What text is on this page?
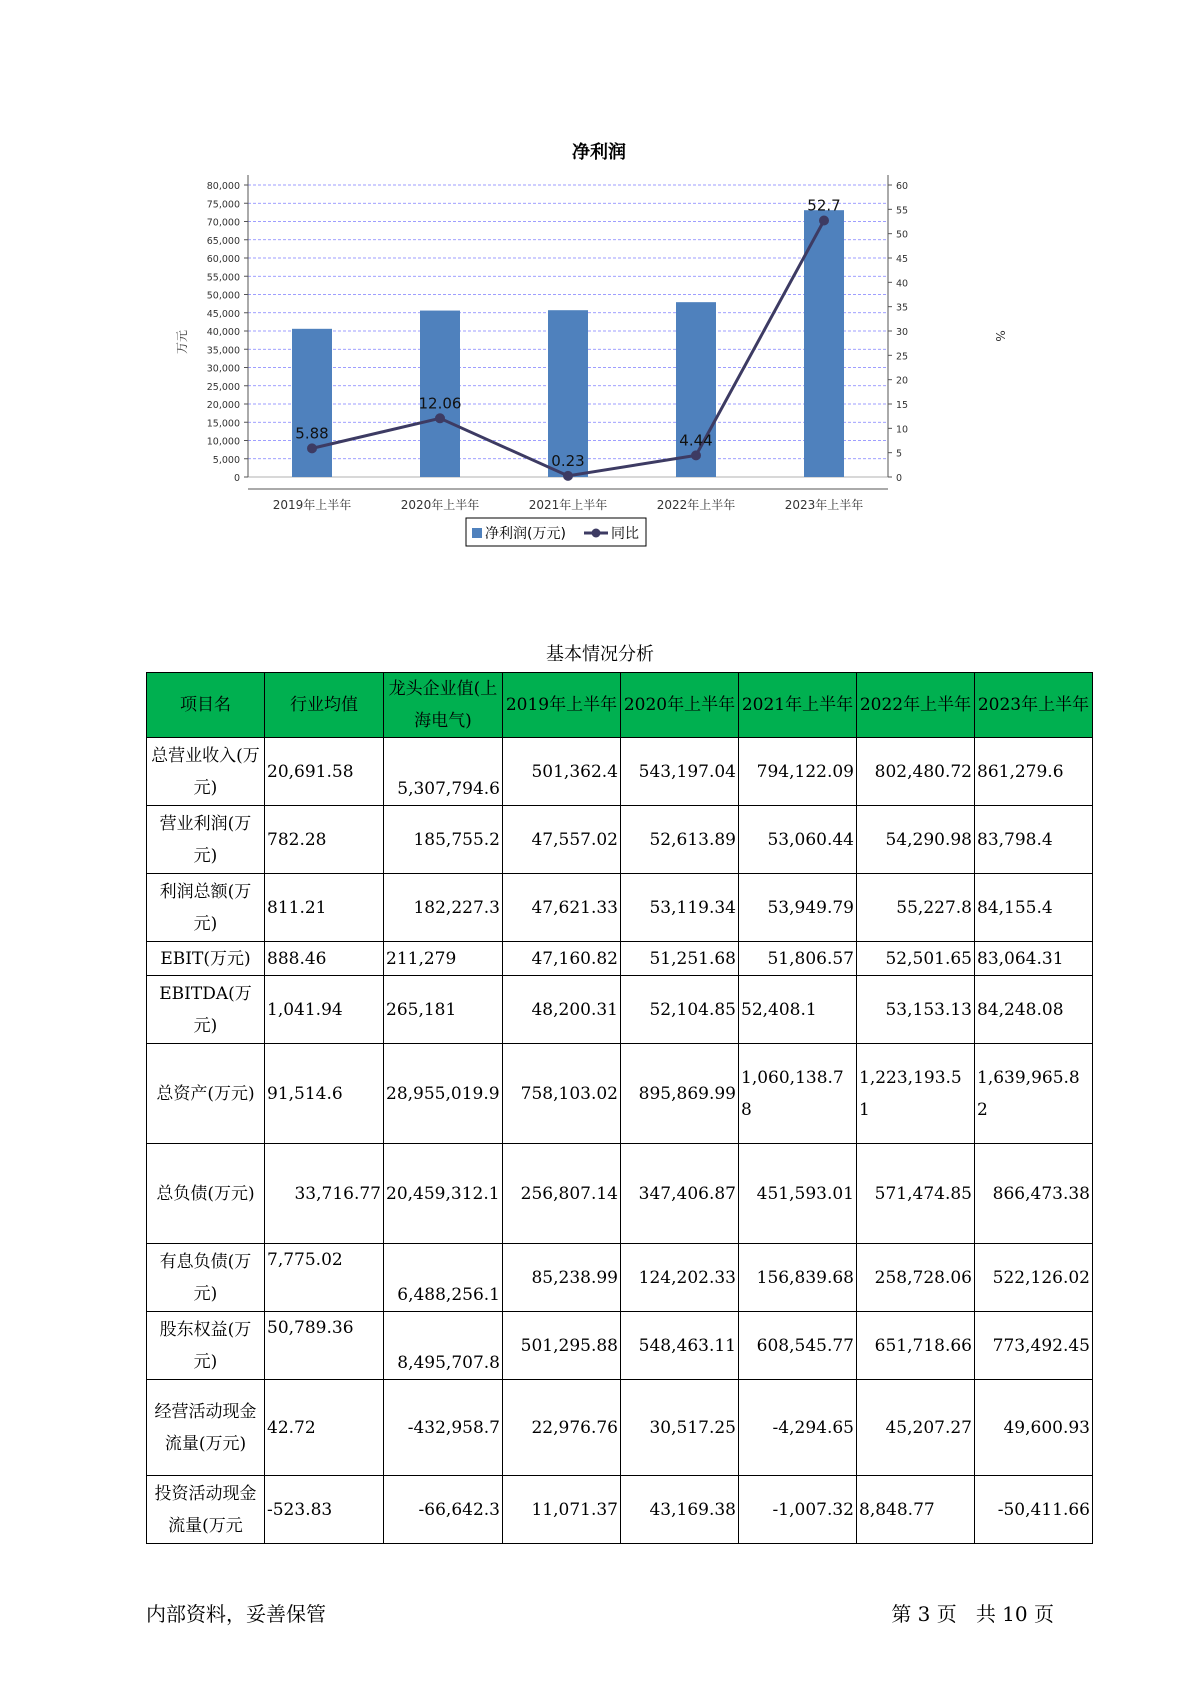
净利润
0
5,000
10,000
15,000
20,000
25,000
30,000
35,000
40,000
45,000
50,000
55,000
60,000
65,000
70,000
75,000
80,000
0
5
10
15
20
25
30
35
40
45
50
55
60
5.88
12.06
0.23
4.44
52.7
2019年上半年	2020年上半年	2021年上半年	2022年上半年	2023年上半年
万元	%
净利润(万元)	同比
基本情况分析
项目名	行业均值	龙头企业值(上海电气)	2019年上半年	2020年上半年	2021年上半年	2022年上半年	2023年上半年
总营业收入(万元)	20,691.58	5,307,794.6	501,362.4	543,197.04	794,122.09	802,480.72	861,279.6
营业利润(万元)	782.28	185,755.2	47,557.02	52,613.89	53,060.44	54,290.98	83,798.4
利润总额(万元)	811.21	182,227.3	47,621.33	53,119.34	53,949.79	55,227.8	84,155.4
EBIT(万元)	888.46	211,279	47,160.82	51,251.68	51,806.57	52,501.65	83,064.31
EBITDA(万元)	1,041.94	265,181	48,200.31	52,104.85	52,408.1	53,153.13	84,248.08
总资产(万元)	91,514.6	28,955,019.9	758,103.02	895,869.99	1,060,138.78	1,223,193.51	1,639,965.82
总负债(万元)	33,716.77	20,459,312.1	256,807.14	347,406.87	451,593.01	571,474.85	866,473.38
有息负债(万元)	7,775.02	6,488,256.1	85,238.99	124,202.33	156,839.68	258,728.06	522,126.02
股东权益(万元)	50,789.36	8,495,707.8	501,295.88	548,463.11	608,545.77	651,718.66	773,492.45
经营活动现金流量(万元)	42.72	-432,958.7	22,976.76	30,517.25	-4,294.65	45,207.27	49,600.93
投资活动现金流量(万元	-523.83	-66,642.3	11,071.37	43,169.38	-1,007.32	8,848.77	-50,411.66
内部资料，妥善保管	第 3 页   共 10 页
